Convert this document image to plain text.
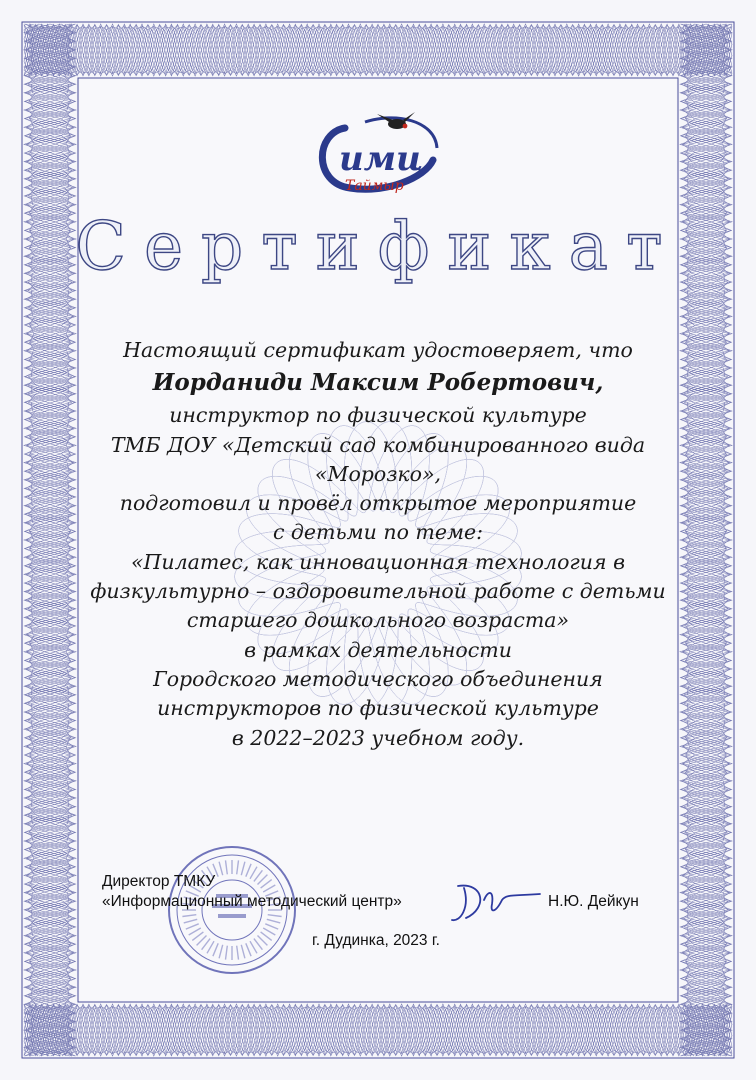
имц
Таймыр
Сертификат
Настоящий сертификат удостоверяет, что
Иорданиди Максим Робертович,
инструктор по физической культуре
ТМБ ДОУ «Детский сад комбинированного вида
«Морозко»,
подготовил и провёл открытое мероприятие
с детьми по теме:
«Пилатес, как инновационная технология в
физкультурно – оздоровительной работе с детьми
старшего дошкольного возраста»
в рамках деятельности
Городского методического объединения
инструкторов по физической культуре
в 2022–2023 учебном году.
Директор ТМКУ
«Информационный методический центр»	Н.Ю. Дейкун
г. Дудинка, 2023 г.
